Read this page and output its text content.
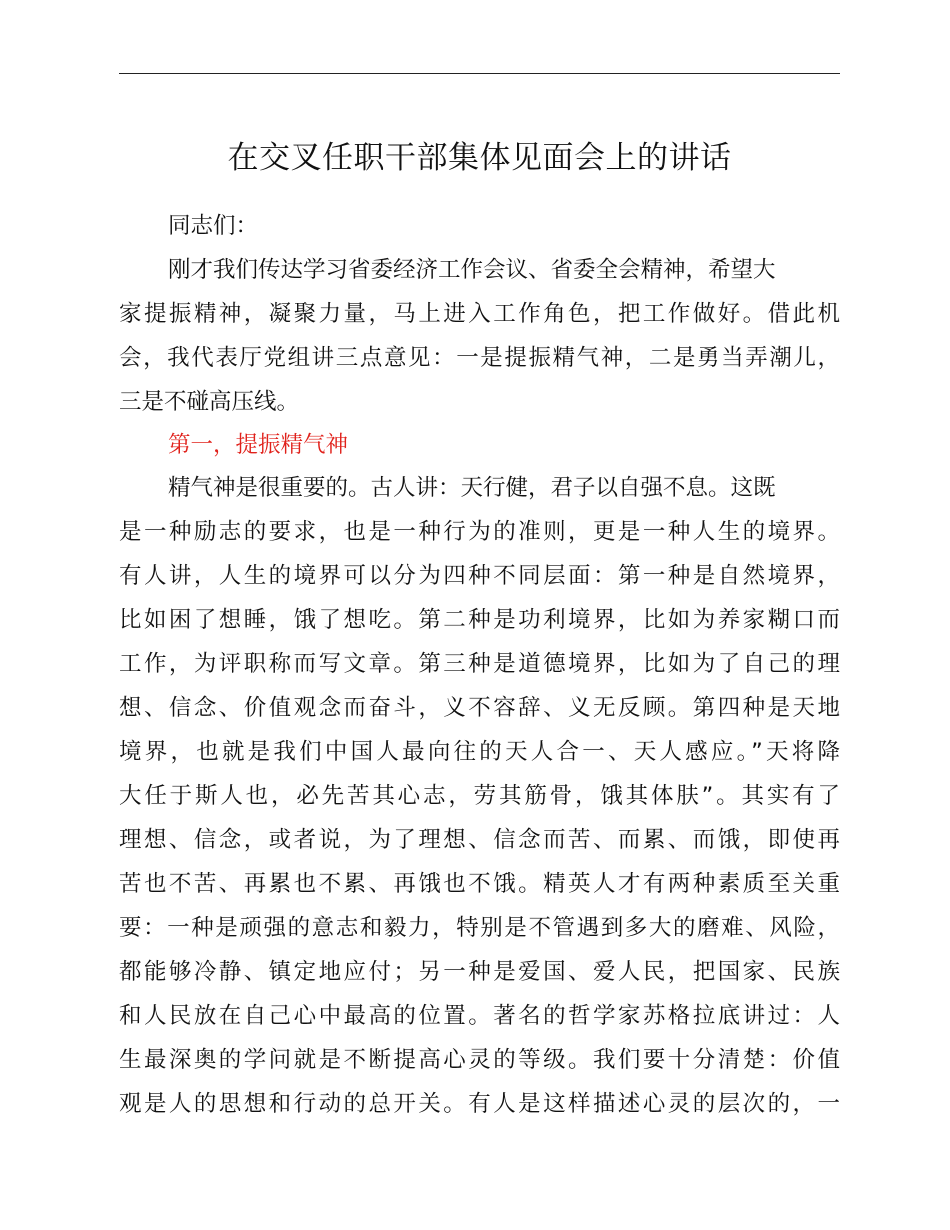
在交叉任职干部集体见面会上的讲话
同志们：
刚才我们传达学习省委经济工作会议、省委全会精神，希望大
家提振精神，凝聚力量，马上进入工作角色，把工作做好。借此机
会，我代表厅党组讲三点意见：一是提振精气神，二是勇当弄潮儿，
三是不碰高压线。
第一，提振精气神
精气神是很重要的。古人讲：天行健，君子以自强不息。这既
是一种励志的要求，也是一种行为的准则，更是一种人生的境界。
有人讲，人生的境界可以分为四种不同层面：第一种是自然境界，
比如困了想睡，饿了想吃。第二种是功利境界，比如为养家糊口而
工作，为评职称而写文章。第三种是道德境界，比如为了自己的理
想、信念、价值观念而奋斗，义不容辞、义无反顾。第四种是天地
境界，也就是我们中国人最向往的天人合一、天人感应。”天将降
大任于斯人也，必先苦其心志，劳其筋骨，饿其体肤”。其实有了
理想、信念，或者说，为了理想、信念而苦、而累、而饿，即使再
苦也不苦、再累也不累、再饿也不饿。精英人才有两种素质至关重
要：一种是顽强的意志和毅力，特别是不管遇到多大的磨难、风险，
都能够冷静、镇定地应付；另一种是爱国、爱人民，把国家、民族
和人民放在自己心中最高的位置。著名的哲学家苏格拉底讲过：人
生最深奥的学问就是不断提高心灵的等级。我们要十分清楚：价值
观是人的思想和行动的总开关。有人是这样描述心灵的层次的，一
